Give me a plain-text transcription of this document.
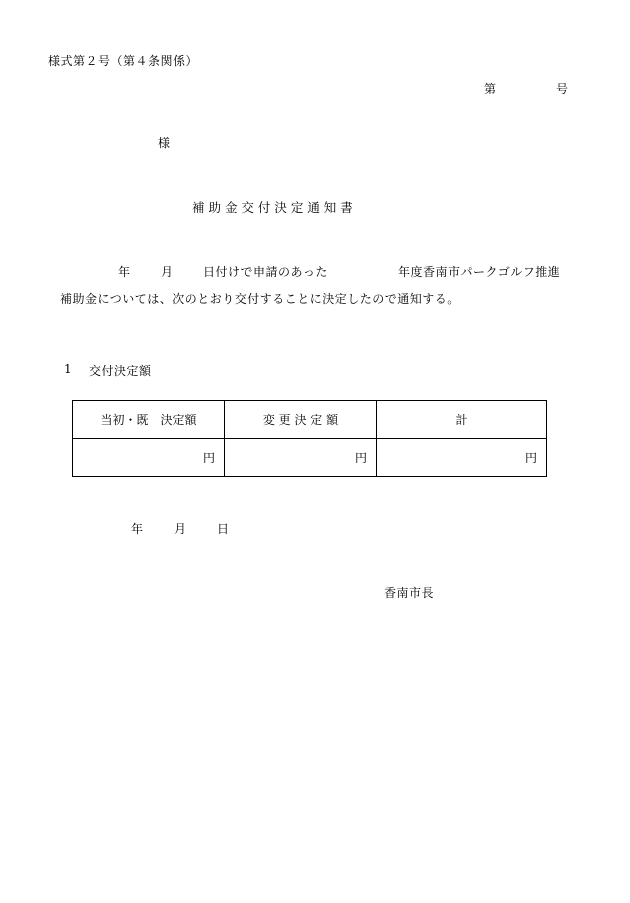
様式第２号（第４条関係）
第	号
様
補 助 金 交 付 決 定 通 知 書
年	月 日付けで申請のあった	年度香南市パークゴルフ推進
補助金については、次のとおり交付することに決定したので通知する。
1 交付決定額
当初・既　決定額	変 更 決 定 額	計
円	円	円
年	月	日
香南市長
